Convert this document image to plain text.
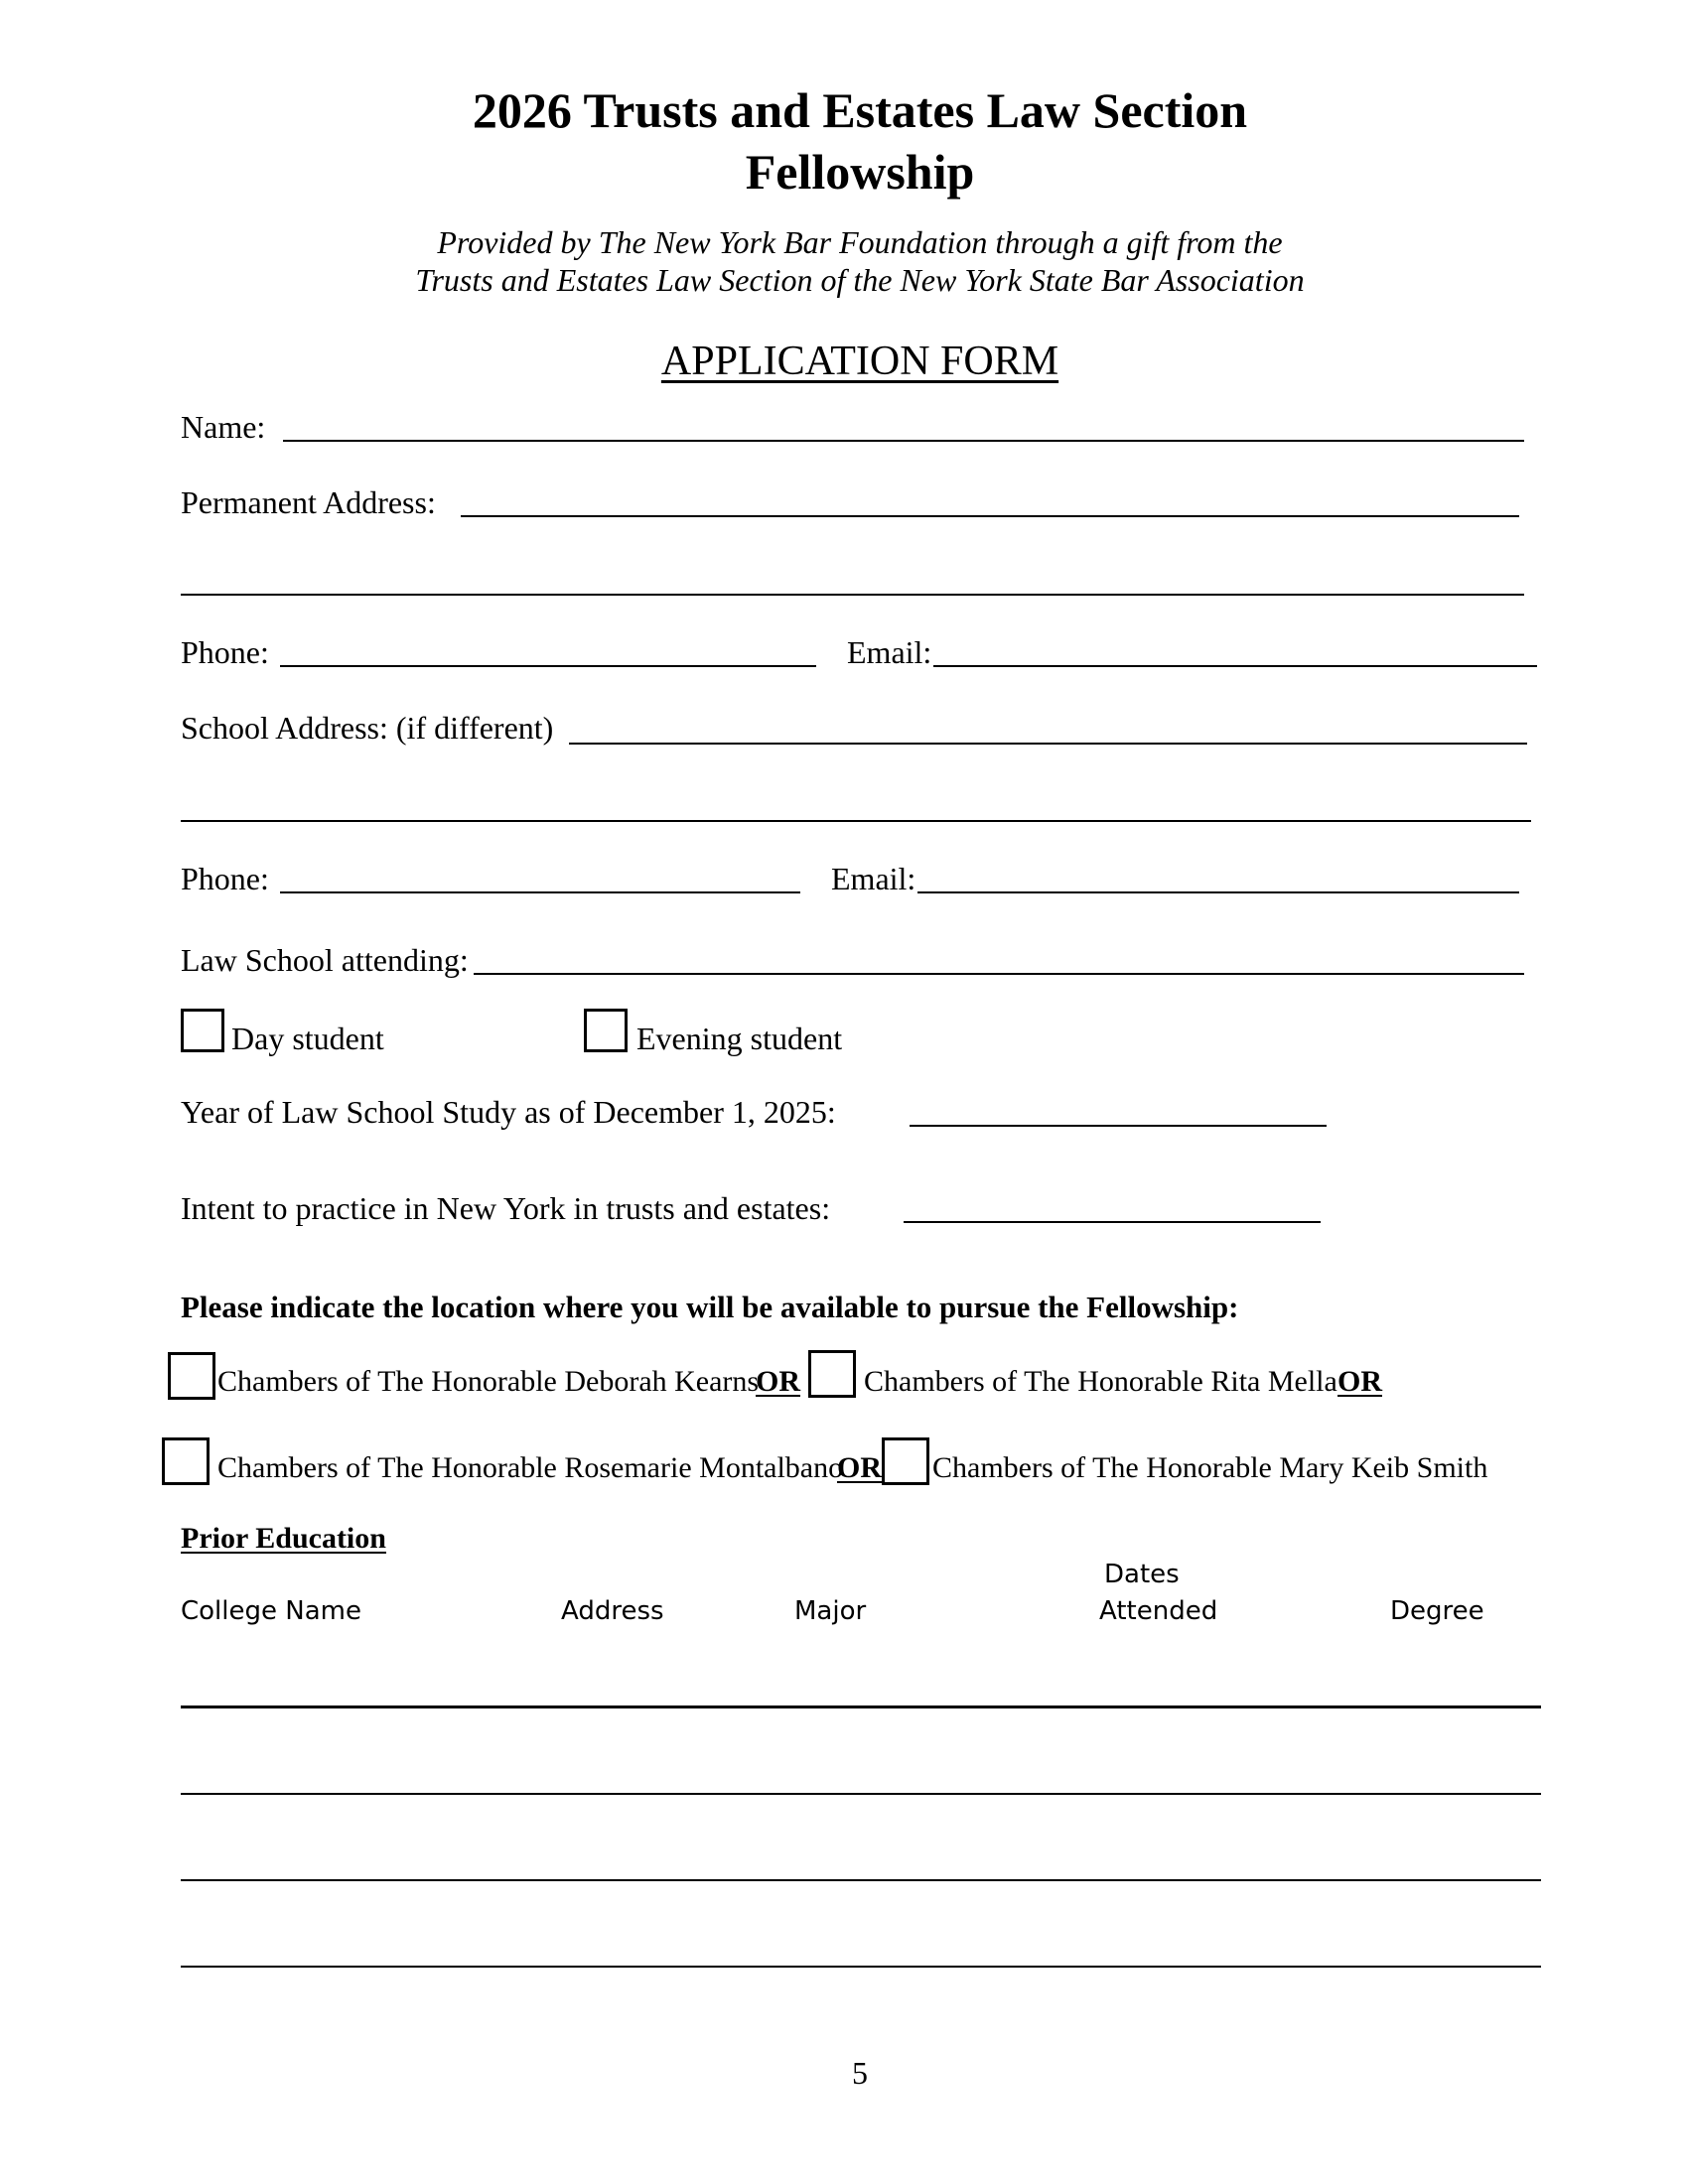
2026 Trusts and Estates Law Section
Fellowship
Provided by The New York Bar Foundation through a gift from the
Trusts and Estates Law Section of the New York State Bar Association
APPLICATION FORM
Name:
Permanent Address:
Phone:	Email:
School Address: (if different)
Phone:	Email:
Law School attending:
Day student	Evening student
Year of Law School Study as of December 1, 2025:
Intent to practice in New York in trusts and estates:
Please indicate the location where you will be available to pursue the Fellowship:
Chambers of The Honorable Deborah Kearns
OR Chambers of The Honorable Rita Mella OR
Chambers of The Honorable Rosemarie Montalbano
OR Chambers of The Honorable Mary Keib Smith
Prior Education
Dates
College Name	Address	Major	Attended	Degree
5
